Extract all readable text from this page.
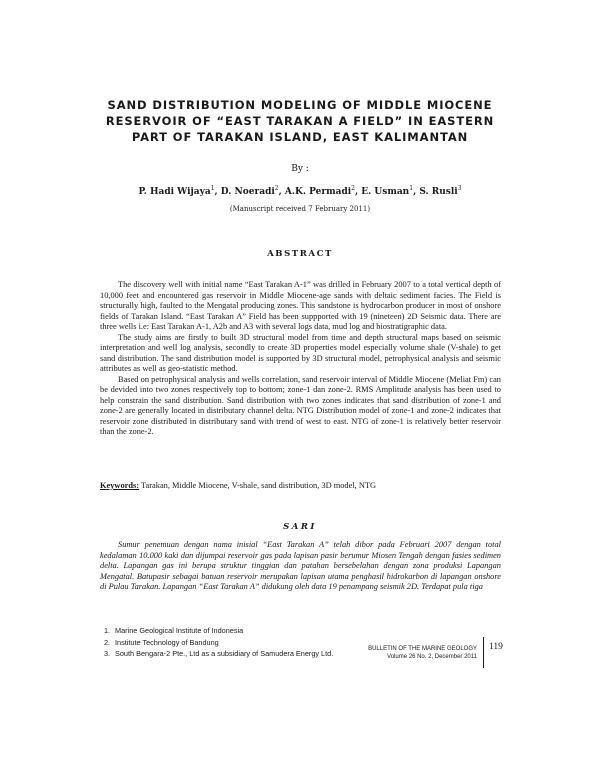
SAND DISTRIBUTION MODELING OF MIDDLE MIOCENE
RESERVOIR OF “EAST TARAKAN A FIELD” IN EASTERN
PART OF TARAKAN ISLAND, EAST KALIMANTAN

By :

P. Hadi Wijaya$^1$, D. Noeradi$^2$, A.K. Permadi$^2$, E. Usman$^1$, S. Rusli$^3$

(Manuscript received 7 February 2011)

ABSTRACT

The discovery well with initial name “East Tarakan A-1” was drilled in February 2007 to a total vertical depth of 10,000 feet and encountered gas reservoir in Middle Miocene-age sands with deltaic sediment facies. The Field is structurally high, faulted to the Mengatal producing zones. This sandstone is hydrocarbon producer in most of onshore fields of Tarakan Island. “East Tarakan A” Field has been suppported with 19 (nineteen) 2D Seismic data. There are three wells i.e: East Tarakan A-1, A2b and A3 with several logs data, mud log and biostratigraphic data.

The study aims are firstly to built 3D structural model from time and depth structural maps based on seismic interpretation and well log analysis, secondly to create 3D properties model especially volume shale (V-shale) to get sand distribution. The sand distribution model is supported by 3D structural model, petrophysical analysis and seismic attributes as well as geo-statistic method.

Based on petrophysical analysis and wells correlation, sand reservoir interval of Middle Miocene (Meliat Fm) can be devided into two zones respectively top to bottom; zone-1 dan zone-2. RMS Amplitude analysis has been used to help constrain the sand distribution. Sand distribution with two zones indicates that sand distribution of zone-1 and zone-2 are generally located in distributary channel delta. NTG Distribution model of zone-1 and zone-2 indicates that reservoir zone distributed in distributary sand with trend of west to east. NTG of zone-1 is relatively better reservoir than the zone-2.

Keywords: Tarakan, Middle Miocene, V-shale, sand distribution, 3D model, NTG

SARI

Sumur penemuan dengan nama inisial “East Tarakan A” telah dibor pada Februari 2007 dengan total kedalaman 10.000 kaki dan dijumpai reservoir gas pada lapisan pasir berumur Miosen Tengah dengan fasies sedimen delta. Lapangan gas ini berupa struktur tinggian dan patahan bersebelahan dengan zona produksi Lapangan Mengatal. Batupasir sebagai batuan reservoir merupakan lapisan utama penghasil hidrokarbon di lapangan onshore di Pulau Tarakan. Lapangan “East Tarakan A” didukung oleh data 19 penampang seismik 2D. Terdapat pula tiga

1. Marine Geological Institute of Indonesia
2. Institute Technology of Bandung
3. South Bengara-2 Pte., Ltd as a subsidiary of Samudera Energy Ltd.	BULLETIN OF THE MARINE GEOLOGY
Volume 26 No. 2, December 2011

119
